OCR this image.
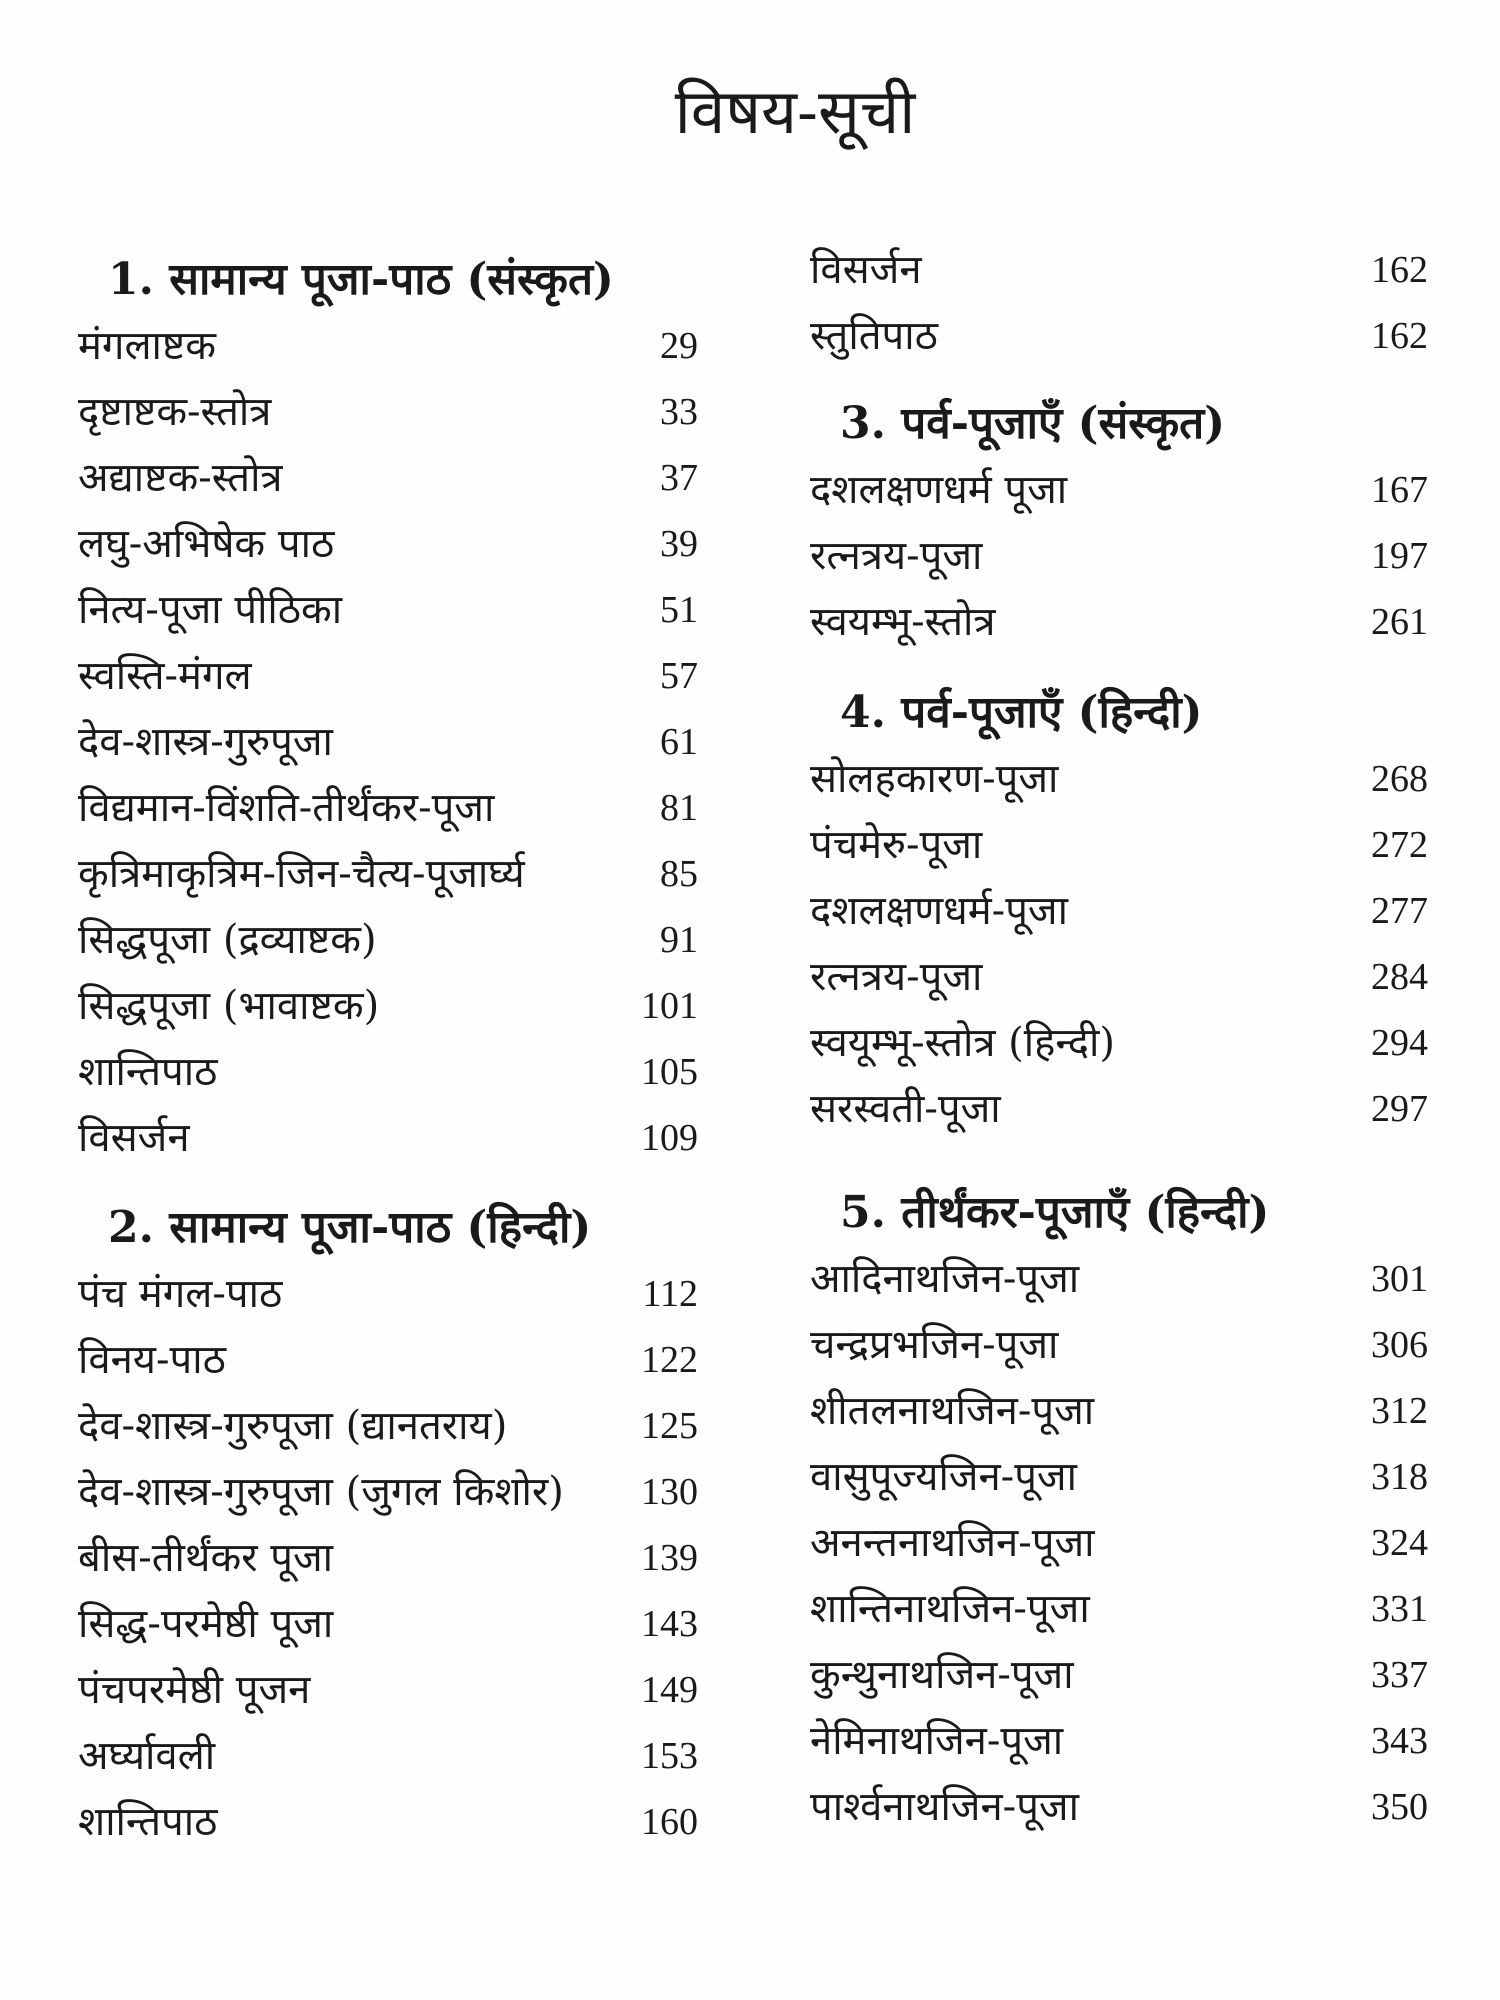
विषय-सूची
1. सामान्य पूजा-पाठ (संस्कृत)
मंगलाष्टक	29
दृष्टाष्टक-स्तोत्र	33
अद्याष्टक-स्तोत्र	37
लघु-अभिषेक पाठ	39
नित्य-पूजा पीठिका	51
स्वस्ति-मंगल	57
देव-शास्त्र-गुरुपूजा	61
विद्यमान-विंशति-तीर्थंकर-पूजा	81
कृत्रिमाकृत्रिम-जिन-चैत्य-पूजार्घ्य	85
सिद्धपूजा (द्रव्याष्टक)	91
सिद्धपूजा (भावाष्टक)	101
शान्तिपाठ	105
विसर्जन	109
2. सामान्य पूजा-पाठ (हिन्दी)
पंच मंगल-पाठ	112
विनय-पाठ	122
देव-शास्त्र-गुरुपूजा (द्यानतराय)	125
देव-शास्त्र-गुरुपूजा (जुगल किशोर) 130
बीस-तीर्थंकर पूजा	139
सिद्ध-परमेष्ठी पूजा	143
पंचपरमेष्ठी पूजन	149
अर्घ्यावली	153
शान्तिपाठ	160
विसर्जन	162
स्तुतिपाठ	162
3. पर्व-पूजाएँ (संस्कृत)
दशलक्षणधर्म पूजा	167
रत्नत्रय-पूजा	197
स्वयम्भू-स्तोत्र	261
4. पर्व-पूजाएँ (हिन्दी)
सोलहकारण-पूजा	268
पंचमेरु-पूजा	272
दशलक्षणधर्म-पूजा	277
रत्नत्रय-पूजा	284
स्वयूम्भू-स्तोत्र (हिन्दी)	294
सरस्वती-पूजा	297
5. तीर्थंकर-पूजाएँ (हिन्दी)
आदिनाथजिन-पूजा	301
चन्द्रप्रभजिन-पूजा	306
शीतलनाथजिन-पूजा	312
वासुपूज्यजिन-पूजा	318
अनन्तनाथजिन-पूजा	324
शान्तिनाथजिन-पूजा	331
कुन्थुनाथजिन-पूजा	337
नेमिनाथजिन-पूजा	343
पार्श्वनाथजिन-पूजा	350
